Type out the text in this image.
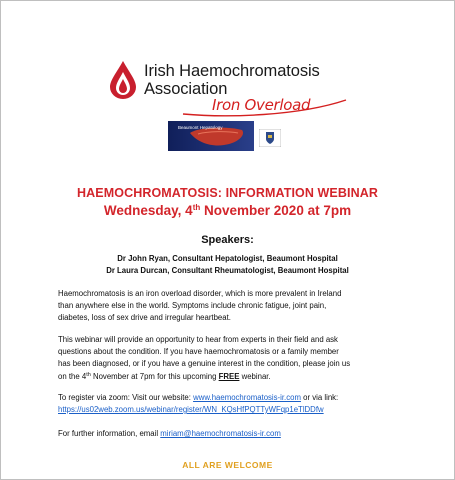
Irish Haemochromatosis
Association
Iron Overload
Beaumont Hepatology
HAEMOCHROMATOSIS: INFORMATION WEBINAR
Wednesday, 4th November 2020 at 7pm
Speakers:
Dr John Ryan, Consultant Hepatologist, Beaumont Hospital
Dr Laura Durcan, Consultant Rheumatologist, Beaumont Hospital
Haemochromatosis is an iron overload disorder, which is more prevalent in Ireland
than anywhere else in the world. Symptoms include chronic fatigue, joint pain,
diabetes, loss of sex drive and irregular heartbeat.
This webinar will provide an opportunity to hear from experts in their field and ask
questions about the condition. If you have haemochromatosis or a family member
has been diagnosed, or if you have a genuine interest in the condition, please join us
on the 4th November at 7pm for this upcoming FREE webinar.
To register via zoom: Visit our website: www.haemochromatosis-ir.com or via link:
https://us02web.zoom.us/webinar/register/WN_KQsHfPQTTyWFqp1eTlDDfw
For further information, email miriam@haemochromatosis-ir.com
ALL ARE WELCOME
